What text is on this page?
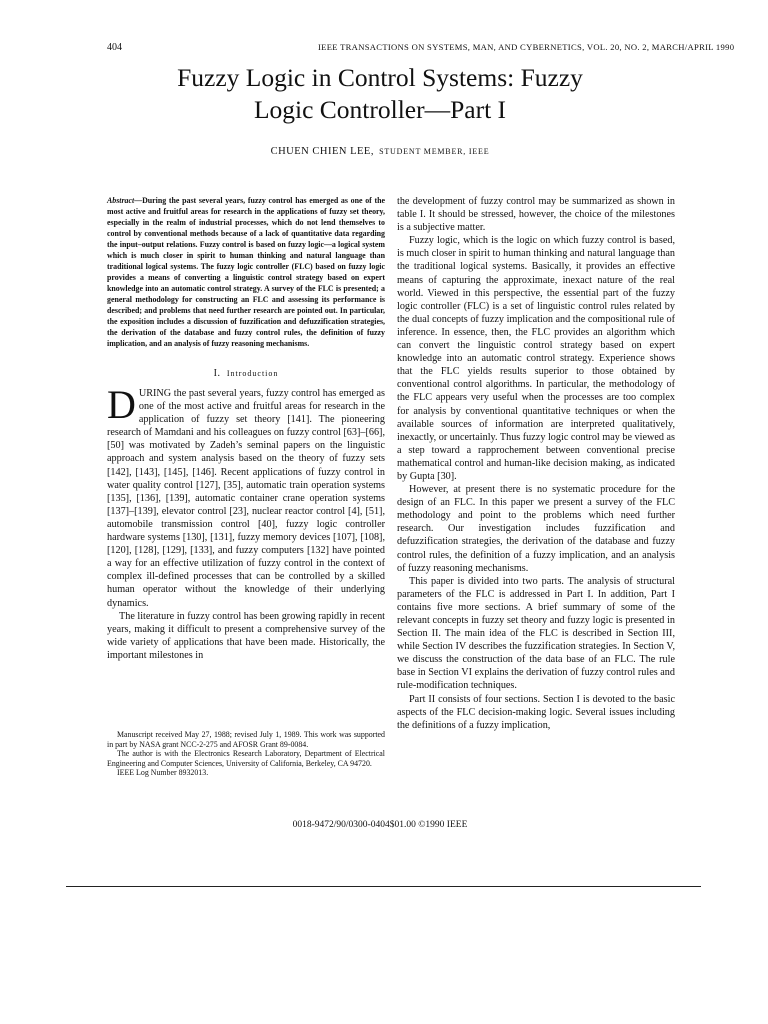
404	IEEE TRANSACTIONS ON SYSTEMS, MAN, AND CYBERNETICS, VOL. 20, NO. 2, MARCH/APRIL 1990
Fuzzy Logic in Control Systems: Fuzzy
Logic Controller—Part I
CHUEN CHIEN LEE, STUDENT MEMBER, IEEE

Abstract—During the past several years, fuzzy control has emerged as one of the most active and fruitful areas for research in the applications of fuzzy set theory, especially in the realm of industrial processes, which do not lend themselves to control by conventional methods because of a lack of quantitative data regarding the input–output relations. Fuzzy control is based on fuzzy logic—a logical system which is much closer in spirit to human thinking and natural language than traditional logical systems. The fuzzy logic controller (FLC) based on fuzzy logic provides a means of converting a linguistic control strategy based on expert knowledge into an automatic control strategy. A survey of the FLC is presented; a general methodology for constructing an FLC and assessing its performance is described; and problems that need further research are pointed out. In particular, the exposition includes a discussion of fuzzification and defuzzification strategies, the derivation of the database and fuzzy control rules, the definition of fuzzy implication, and an analysis of fuzzy reasoning mechanisms.

I. Introduction

DURING the past several years, fuzzy control has emerged as one of the most active and fruitful areas for research in the application of fuzzy set theory [141]. The pioneering research of Mamdani and his colleagues on fuzzy control [63]–[66], [50] was motivated by Zadeh’s seminal papers on the linguistic approach and system analysis based on the theory of fuzzy sets [142], [143], [145], [146]. Recent applications of fuzzy control in water quality control [127], [35], automatic train operation systems [135], [136], [139], automatic container crane operation systems [137]–[139], elevator control [23], nuclear reactor control [4], [51], automobile transmission control [40], fuzzy logic controller hardware systems [130], [131], fuzzy memory devices [107], [108], [120], [128], [129], [133], and fuzzy computers [132] have pointed a way for an effective utilization of fuzzy control in the context of complex ill-defined processes that can be controlled by a skilled human operator without the knowledge of their underlying dynamics.

The literature in fuzzy control has been growing rapidly in recent years, making it difficult to present a comprehensive survey of the wide variety of applications that have been made. Historically, the important milestones in

the development of fuzzy control may be summarized as shown in table I. It should be stressed, however, the choice of the milestones is a subjective matter.

Fuzzy logic, which is the logic on which fuzzy control is based, is much closer in spirit to human thinking and natural language than the traditional logical systems. Basically, it provides an effective means of capturing the approximate, inexact nature of the real world. Viewed in this perspective, the essential part of the fuzzy logic controller (FLC) is a set of linguistic control rules related by the dual concepts of fuzzy implication and the compositional rule of inference. In essence, then, the FLC provides an algorithm which can convert the linguistic control strategy based on expert knowledge into an automatic control strategy. Experience shows that the FLC yields results superior to those obtained by conventional control algorithms. In particular, the methodology of the FLC appears very useful when the processes are too complex for analysis by conventional quantitative techniques or when the available sources of information are interpreted qualitatively, inexactly, or uncertainly. Thus fuzzy logic control may be viewed as a step toward a rapprochement between conventional precise mathematical control and human-like decision making, as indicated by Gupta [30].

However, at present there is no systematic procedure for the design of an FLC. In this paper we present a survey of the FLC methodology and point to the problems which need further research. Our investigation includes fuzzification and defuzzification strategies, the derivation of the database and fuzzy control rules, the definition of a fuzzy implication, and an analysis of fuzzy reasoning mechanisms.

This paper is divided into two parts. The analysis of structural parameters of the FLC is addressed in Part I. In addition, Part I contains five more sections. A brief summary of some of the relevant concepts in fuzzy set theory and fuzzy logic is presented in Section II. The main idea of the FLC is described in Section III, while Section IV describes the fuzzification strategies. In Section V, we discuss the construction of the data base of an FLC. The rule base in Section VI explains the derivation of fuzzy control rules and rule-modification techniques.

Part II consists of four sections. Section I is devoted to the basic aspects of the FLC decision-making logic. Several issues including the definitions of a fuzzy implication,

Manuscript received May 27, 1988; revised July 1, 1989. This work was supported in part by NASA grant NCC-2-275 and AFOSR Grant 89-0084.

The author is with the Electronics Research Laboratory, Department of Electrical Engineering and Computer Sciences, University of California, Berkeley, CA 94720.

IEEE Log Number 8932013.

0018-9472/90/0300-0404$01.00 ©1990 IEEE
